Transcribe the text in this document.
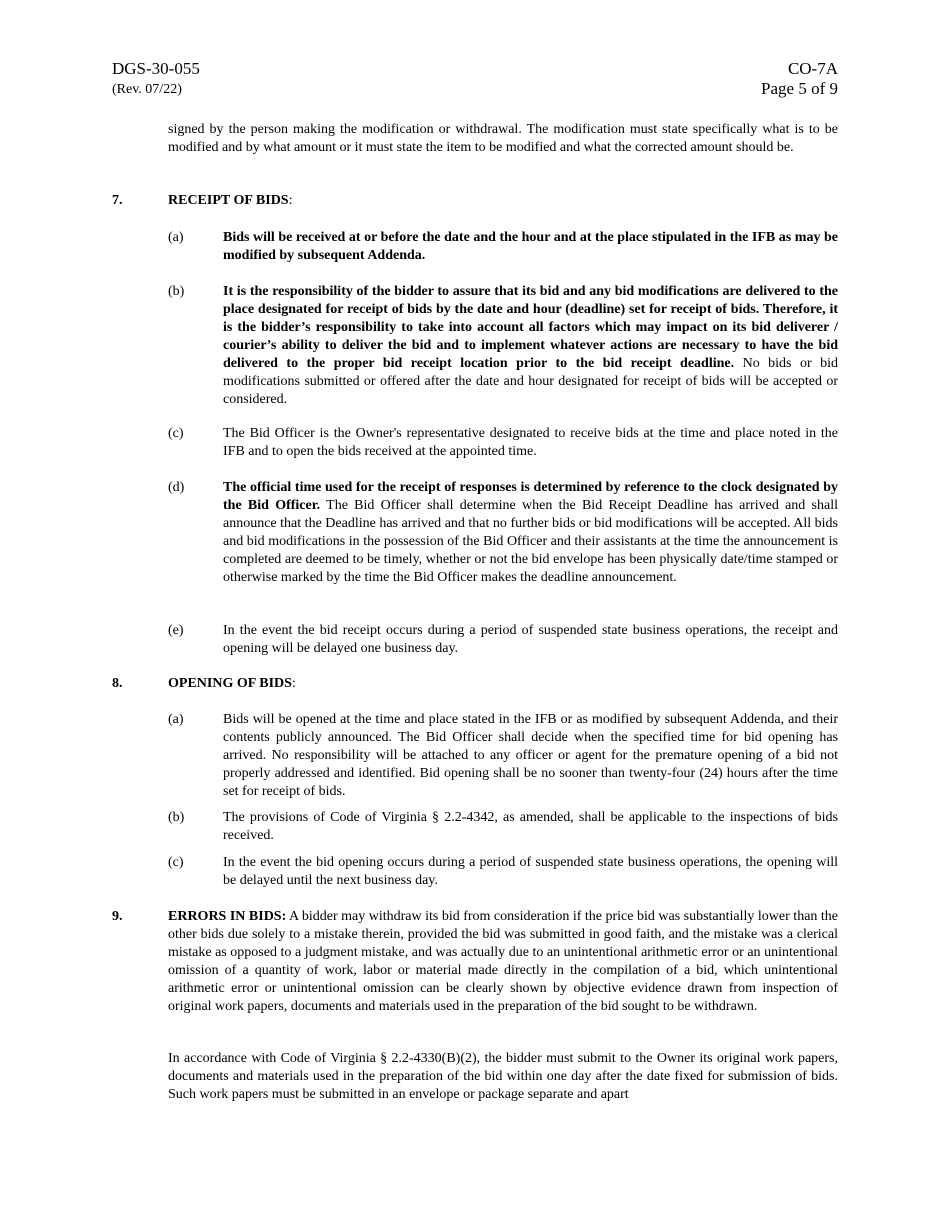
DGS-30-055
(Rev. 07/22)
CO-7A
Page 5 of 9

signed by the person making the modification or withdrawal. The modification must state specifically what is to be modified and by what amount or it must state the item to be modified and what the corrected amount should be.

7.	RECEIPT OF BIDS:
(a)	Bids will be received at or before the date and the hour and at the place stipulated in the IFB as may be modified by subsequent Addenda.
(b)	It is the responsibility of the bidder to assure that its bid and any bid modifications are delivered to the place designated for receipt of bids by the date and hour (deadline) set for receipt of bids. Therefore, it is the bidder’s responsibility to take into account all factors which may impact on its bid deliverer / courier’s ability to deliver the bid and to implement whatever actions are necessary to have the bid delivered to the proper bid receipt location prior to the bid receipt deadline. No bids or bid modifications submitted or offered after the date and hour designated for receipt of bids will be accepted or considered.
(c)	The Bid Officer is the Owner's representative designated to receive bids at the time and place noted in the IFB and to open the bids received at the appointed time.
(d)	The official time used for the receipt of responses is determined by reference to the clock designated by the Bid Officer. The Bid Officer shall determine when the Bid Receipt Deadline has arrived and shall announce that the Deadline has arrived and that no further bids or bid modifications will be accepted. All bids and bid modifications in the possession of the Bid Officer and their assistants at the time the announcement is completed are deemed to be timely, whether or not the bid envelope has been physically date/time stamped or otherwise marked by the time the Bid Officer makes the deadline announcement.
(e)	In the event the bid receipt occurs during a period of suspended state business operations, the receipt and opening will be delayed one business day.
8.	OPENING OF BIDS:
(a)	Bids will be opened at the time and place stated in the IFB or as modified by subsequent Addenda, and their contents publicly announced. The Bid Officer shall decide when the specified time for bid opening has arrived. No responsibility will be attached to any officer or agent for the premature opening of a bid not properly addressed and identified. Bid opening shall be no sooner than twenty-four (24) hours after the time set for receipt of bids.
(b)	The provisions of Code of Virginia § 2.2-4342, as amended, shall be applicable to the inspections of bids received.
(c)	In the event the bid opening occurs during a period of suspended state business operations, the opening will be delayed until the next business day.
9.	ERRORS IN BIDS: A bidder may withdraw its bid from consideration if the price bid was substantially lower than the other bids due solely to a mistake therein, provided the bid was submitted in good faith, and the mistake was a clerical mistake as opposed to a judgment mistake, and was actually due to an unintentional arithmetic error or an unintentional omission of a quantity of work, labor or material made directly in the compilation of a bid, which unintentional arithmetic error or unintentional omission can be clearly shown by objective evidence drawn from inspection of original work papers, documents and materials used in the preparation of the bid sought to be withdrawn.
In accordance with Code of Virginia § 2.2-4330(B)(2), the bidder must submit to the Owner its original work papers, documents and materials used in the preparation of the bid within one day after the date fixed for submission of bids. Such work papers must be submitted in an envelope or package separate and apart
